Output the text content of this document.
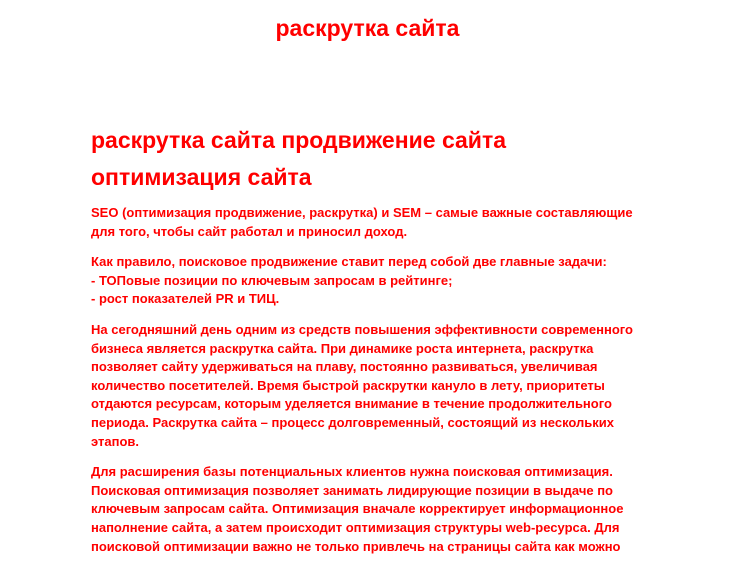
раскрутка сайта
раскрутка сайта продвижение сайта оптимизация сайта

SEO (оптимизация продвижение, раскрутка) и SEM – самые важные составляющие для того, чтобы сайт работал и приносил доход.

Как правило, поисковое продвижение ставит перед собой две главные задачи:
- ТОПовые позиции по ключевым запросам в рейтинге;
- рост показателей PR и ТИЦ.

На сегодняшний день одним из средств повышения эффективности современного бизнеса является раскрутка сайта. При динамике роста интернета, раскрутка позволяет сайту удерживаться на плаву, постоянно развиваться, увеличивая количество посетителей. Время быстрой раскрутки кануло в лету, приоритеты отдаются ресурсам, которым уделяется внимание в течение продолжительного периода. Раскрутка сайта – процесс долговременный, состоящий из нескольких этапов.

Для расширения базы потенциальных клиентов нужна поисковая оптимизация. Поисковая оптимизация позволяет занимать лидирующие позиции в выдаче по ключевым запросам сайта. Оптимизация вначале корректирует информационное наполнение сайта, а затем происходит оптимизация структуры web-ресурса. Для поисковой оптимизации важно не только привлечь на страницы сайта как можно
